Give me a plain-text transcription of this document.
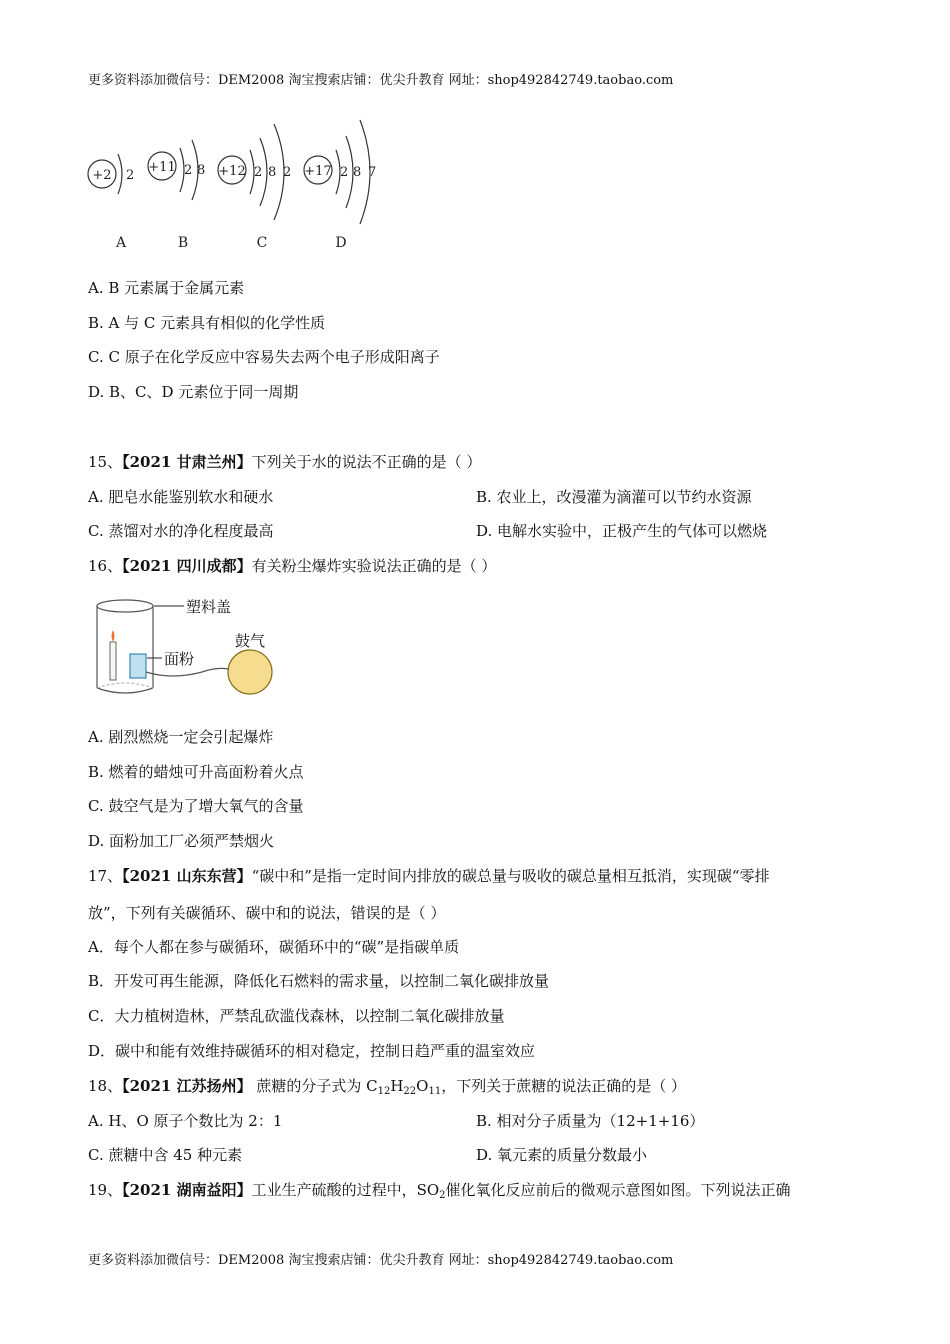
更多资料添加微信号：DEM2008 淘宝搜索店铺：优尖升教育 网址：shop492842749.taobao.com
+2 2
+11 2 8 +12 2 8 2 +17 2 8 7
A	B	C	D
A. B 元素属于金属元素
B. A 与 C 元素具有相似的化学性质
C. C 原子在化学反应中容易失去两个电子形成阳离子
D. B、C、D 元素位于同一周期
15、【2021 甘肃兰州】下列关于水的说法不正确的是（ ）
A. 肥皂水能鉴别软水和硬水	B. 农业上，改漫灌为滴灌可以节约水资源
C. 蒸馏对水的净化程度最高	D. 电解水实验中，正极产生的气体可以燃烧
16、【2021 四川成都】有关粉尘爆炸实验说法正确的是（ ）
塑料盖
面粉
鼓气
A. 剧烈燃烧一定会引起爆炸
B. 燃着的蜡烛可升高面粉着火点
C. 鼓空气是为了增大氧气的含量
D. 面粉加工厂必须严禁烟火
17、【2021 山东东营】“碳中和”是指一定时间内排放的碳总量与吸收的碳总量相互抵消，实现碳“零排
放”，下列有关碳循环、碳中和的说法，错误的是（ ）
A．每个人都在参与碳循环，碳循环中的“碳”是指碳单质
B．开发可再生能源，降低化石燃料的需求量，以控制二氧化碳排放量
C．大力植树造林，严禁乱砍滥伐森林，以控制二氧化碳排放量
D．碳中和能有效维持碳循环的相对稳定，控制日趋严重的温室效应
18、【2021 江苏扬州】 蔗糖的分子式为 $C_{12}H_{22}O_{11}$，下列关于蔗糖的说法正确的是（ ）
A. H、O 原子个数比为 2：1	B. 相对分子质量为（12+1+16）
C. 蔗糖中含 45 种元素	D. 氧元素的质量分数最小
19、【2021 湖南益阳】工业生产硫酸的过程中，$SO_2$催化氧化反应前后的微观示意图如图。下列说法正确
更多资料添加微信号：DEM2008 淘宝搜索店铺：优尖升教育 网址：shop492842749.taobao.com
